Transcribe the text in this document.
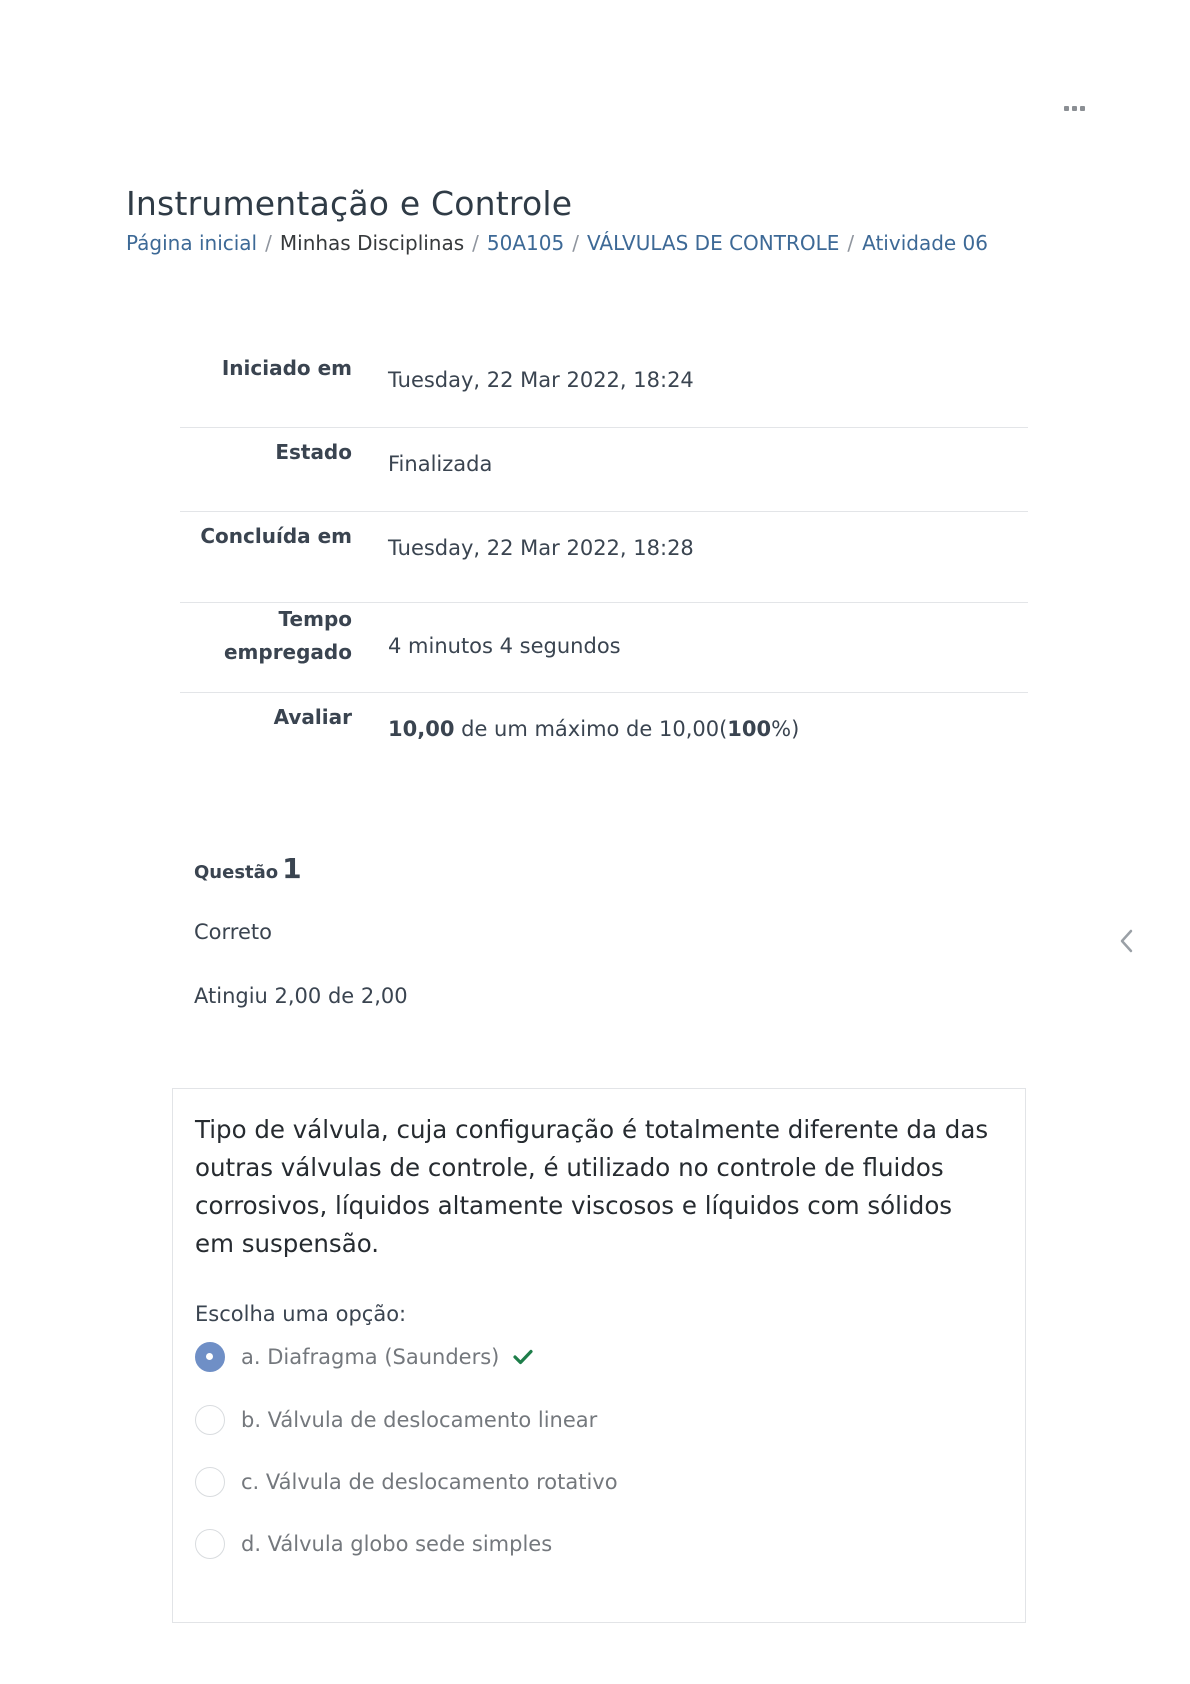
Instrumentação e Controle
Página inicial / Minhas Disciplinas / 50A105 / VÁLVULAS DE CONTROLE / Atividade 06
Iniciado em	Tuesday, 22 Mar 2022, 18:24
Estado	Finalizada
Concluída em	Tuesday, 22 Mar 2022, 18:28
Tempo
empregado	4 minutos 4 segundos
Avaliar	10,00 de um máximo de 10,00(100%)
Questão 1
Correto
Atingiu 2,00 de 2,00

Tipo de válvula, cuja configuração é totalmente diferente da das outras válvulas de controle, é utilizado no controle de fluidos corrosivos, líquidos altamente viscosos e líquidos com sólidos em suspensão.

Escolha uma opção:
a. Diafragma (Saunders)
b. Válvula de deslocamento linear
c. Válvula de deslocamento rotativo
d. Válvula globo sede simples
